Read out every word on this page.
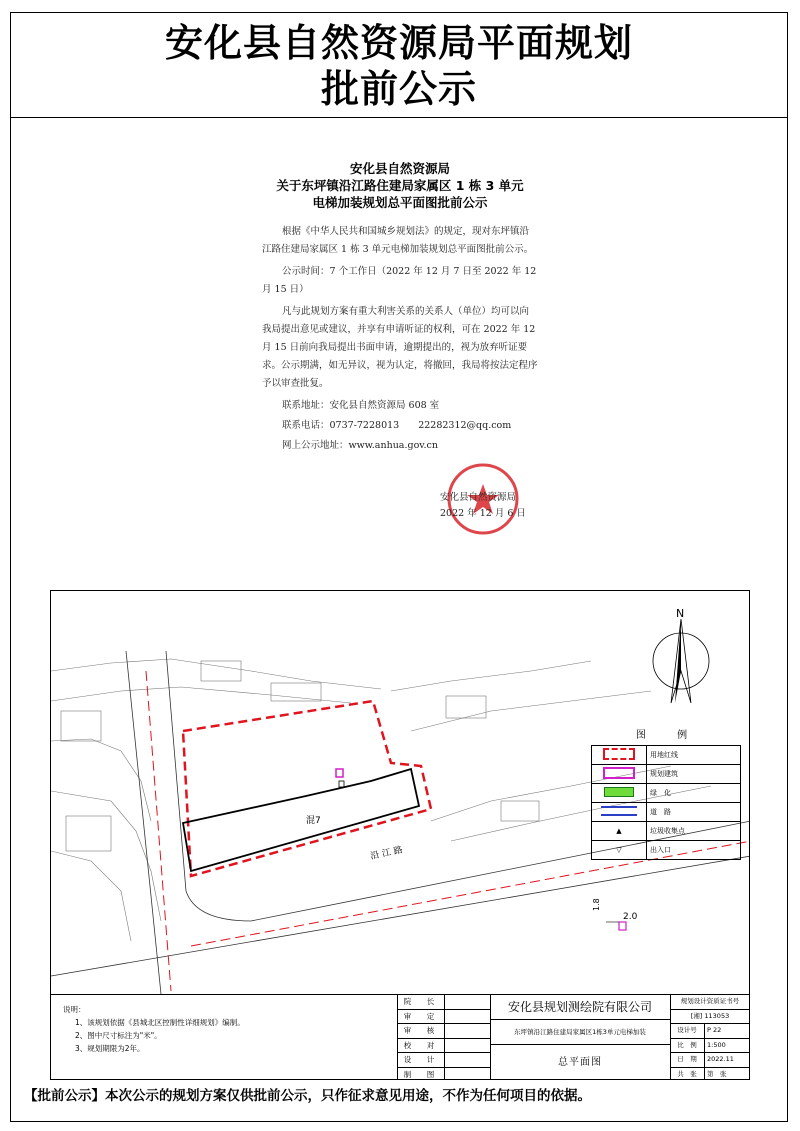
安化县自然资源局平面规划
批前公示
安化县自然资源局
关于东坪镇沿江路住建局家属区 1 栋 3 单元
电梯加装规划总平面图批前公示

根据《中华人民共和国城乡规划法》的规定，现对东坪镇沿江路住建局家属区 1 栋 3 单元电梯加装规划总平面图批前公示。

公示时间：7 个工作日（2022 年 12 月 7 日至 2022 年 12 月 15 日）

凡与此规划方案有重大利害关系的关系人（单位）均可以向我局提出意见或建议，并享有申请听证的权利，可在 2022 年 12 月 15 日前向我局提出书面申请，逾期提出的，视为放弃听证要求。公示期满，如无异议，视为认定，将撤回，我局将按法定程序予以审查批复。

联系地址：安化县自然资源局 608 室

联系电话：0737-7228013　　22282312@qq.com

网上公示地址：www.anhua.gov.cn

安化县自然资源局
2022 年 12 月 6 日
混7
沿 江 路
1.8
2.0
N
图 例
	用地红线
	规划建筑
	绿　化
	道　路
▲	垃圾收集点
▽	出入口
说明：
1、该规划依据《县城北区控制性详细规划》编制。
2、图中尺寸标注为"米"。
3、规划期限为2年。
院　长
审　定
审　核
校　对
设　计
制　图
安化县规划测绘院有限公司
东坪镇沿江路住建局家属区1栋3单元电梯加装
总平面图
规划设计资质证书号
[湘] 113053
设计号	P 22
比　例	1:500
日　期	2022.11
共　张	第　张
【批前公示】本次公示的规划方案仅供批前公示，只作征求意见用途，不作为任何项目的依据。
